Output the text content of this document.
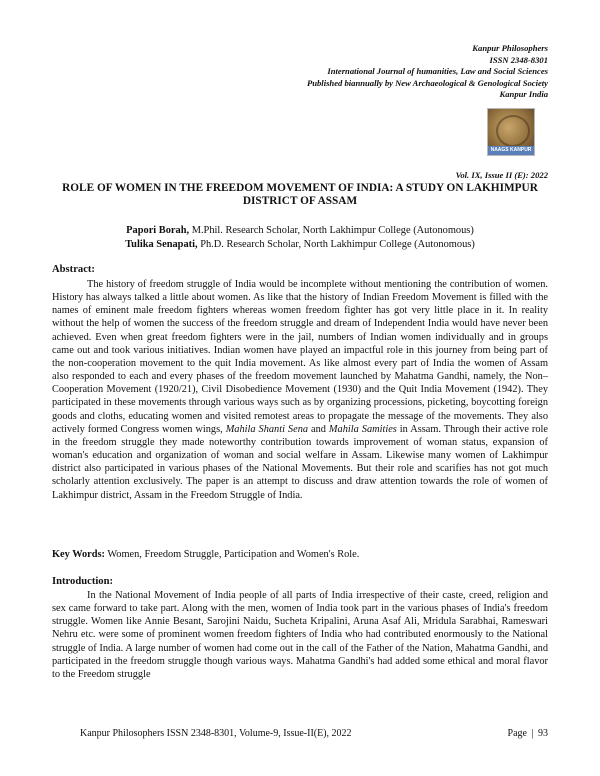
Kanpur Philosophers
ISSN 2348-8301
International Journal of humanities, Law and Social Sciences
Published biannually by New Archaeological & Genological Society
Kanpur India
NAAGS KANPUR
Vol. IX, Issue II (E): 2022
ROLE OF WOMEN IN THE FREEDOM MOVEMENT OF INDIA: A STUDY ON LAKHIMPUR DISTRICT OF ASSAM
Papori Borah, M.Phil. Research Scholar, North Lakhimpur College (Autonomous)
Tulika Senapati, Ph.D. Research Scholar, North Lakhimpur College (Autonomous)
Abstract:
The history of freedom struggle of India would be incomplete without mentioning the contribution of women. History has always talked a little about women. As like that the history of Indian Freedom Movement is filled with the names of eminent male freedom fighters whereas women freedom fighter has got very little place in it. In reality without the help of women the success of the freedom struggle and dream of Independent India would have never been achieved. Even when great freedom fighters were in the jail, numbers of Indian women individually and in groups came out and took various initiatives. Indian women have played an impactful role in this journey from being part of the non-cooperation movement to the quit India movement. As like almost every part of India the women of Assam also responded to each and every phases of the freedom movement launched by Mahatma Gandhi, namely, the Non–Cooperation Movement (1920/21), Civil Disobedience Movement (1930) and the Quit India Movement (1942). They participated in these movements through various ways such as by organizing processions, picketing, boycotting foreign goods and cloths, educating women and visited remotest areas to propagate the message of the movements. They also actively formed Congress women wings, Mahila Shanti Sena and Mahila Samities in Assam. Through their active role in the freedom struggle they made noteworthy contribution towards improvement of woman status, expansion of woman's education and organization of woman and social welfare in Assam. Likewise many women of Lakhimpur district also participated in various phases of the National Movements. But their role and scarifies has not got much scholarly attention exclusively. The paper is an attempt to discuss and draw attention towards the role of women of Lakhimpur district, Assam in the Freedom Struggle of India.
Key Words: Women, Freedom Struggle, Participation and Women's Role.
Introduction:
In the National Movement of India people of all parts of India irrespective of their caste, creed, religion and sex came forward to take part. Along with the men, women of India took part in the various phases of India's freedom struggle. Women like Annie Besant, Sarojini Naidu, Sucheta Kripalini, Aruna Asaf Ali, Mridula Sarabhai, Rameswari Nehru etc. were some of prominent women freedom fighters of India who had contributed enormously to the National struggle of India. A large number of women had come out in the call of the Father of the Nation, Mahatma Gandhi, and participated in the freedom struggle though various ways. Mahatma Gandhi's had added some ethical and moral flavor to the Freedom struggle
Kanpur Philosophers ISSN 2348-8301, Volume-9, Issue-II(E), 2022	Page | 93
